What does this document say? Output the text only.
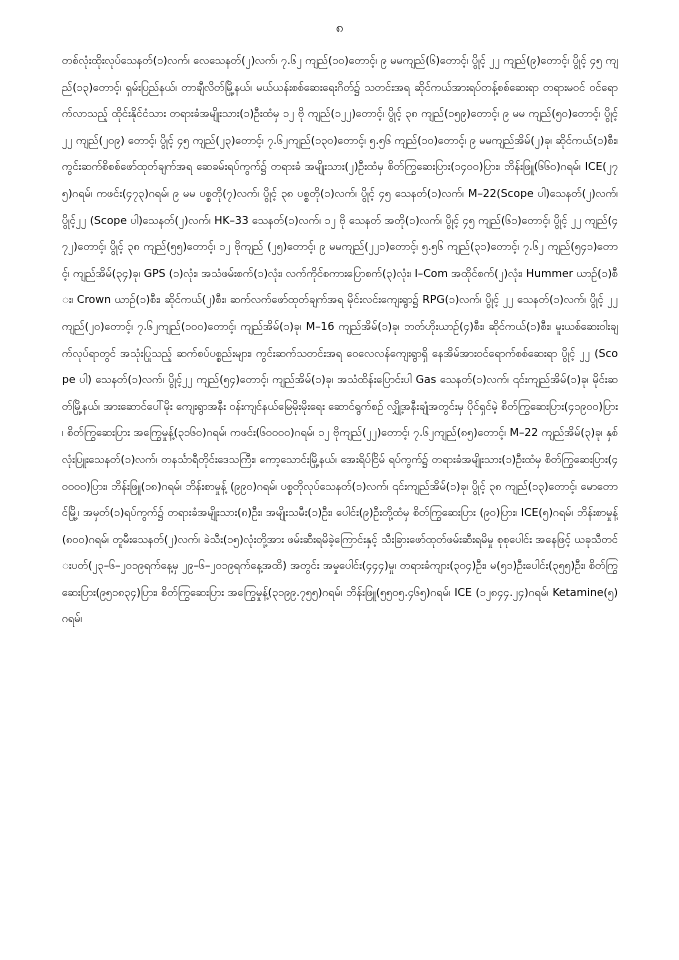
၈

တစ်လုံးထိုးလုပ်သေနတ်(၁)လက်၊ လေသေနတ်(၂)လက်၊ ၇.၆၂ ကျည်(၁၀)တောင့်၊ ၉ မမကျည်(၆)တောင့်၊ ပွိုင့် ၂၂ ကျည်(၉)တောင့်၊ ပွိုင့် ၄၅ ကျည်(၁၃)တောင့်၊ ရှမ်းပြည်နယ်၊ တာချီလိတ်မြို့နယ်၊ မယ်ယန်းစစ်ဆေးရေးဂိတ်၌ သတင်းအရ ဆိုင်ကယ်အားရပ်တန့်စစ်ဆေးရာ တရားမဝင် ဝင်ရောက်လာသည့် ထိုင်းနိုင်ငံသား တရားခံအမျိုးသား(၁)ဦးထံမှ ၁၂ ဗို ကျည်(၁၂၂)တောင့်၊ ပွိုင့် ၃၈ ကျည်(၁၅၉)တောင့်၊ ၉ မမ ကျည်(၅၀)တောင့်၊ ပွိုင့် ၂၂ ကျည်(၂၀၉) တောင့်၊ ပွိုင့် ၄၅ ကျည်(၂၃)တောင့်၊ ၇.၆၂ကျည်(၁၃၀)တောင့်၊ ၅.၅၆ ကျည်(၁၀)တောင့်၊ ၉ မမကျည်အိမ်(၂)ခု၊ ဆိုင်ကယ်(၁)စီး၊ ကွင်းဆက်စိစစ်ဖော်ထုတ်ချက်အရ ဆေခမ်းရပ်ကွက်၌ တရားခံ အမျိုးသား(၂)ဦးထံမှ စိတ်ကြွဆေးပြား(၁၄၀၀)ပြား၊ ဘိန်းဖြူ(၆၆၀)ဂရမ်၊ ICE(၂၇၅)ဂရမ်၊ ကဖင်း(၄၇၃)ဂရမ်၊ ၉ မမ ပစ္စတို(၇)လက်၊ ပွိုင့် ၃၈ ပစ္စတို(၁)လက်၊ ပွိုင့် ၄၅ သေနတ်(၁)လက်၊ M–22(Scope ပါ)သေနတ်(၂)လက်၊ ပွိုင့်၂၂ (Scope ပါ)သေနတ်(၂)လက်၊ HK–33 သေနတ်(၁)လက်၊ ၁၂ ဗို သေနတ် အတို(၁)လက်၊ ပွိုင့် ၄၅ ကျည်(၆၁)တောင့်၊ ပွိုင့် ၂၂ ကျည်(၄၇၂)တောင့်၊ ပွိုင့် ၃၈ ကျည်(၅၅)တောင့်၊ ၁၂ ဗိုကျည် (၂၅)တောင့်၊ ၉ မမကျည်(၂၂၁)တောင့်၊ ၅.၅၆ ကျည်(၃၁)တောင့်၊ ၇.၆၂ ကျည်(၅၄၁)တောင့်၊ ကျည်အိမ်(၃၄)ခု၊ GPS (၁)လုံး၊ အသံဖမ်းစက်(၁)လုံး၊ လက်ကိုင်စကားပြောစက်(၃)လုံး၊ I–Com အထိုင်စက်(၂)လုံး၊ Hummer ယာဉ်(၁)စီး၊ Crown ယာဉ်(၁)စီး၊ ဆိုင်ကယ်(၂)စီး၊ ဆက်လက်ဖော်ထုတ်ချက်အရ မိုင်းလင်းကျေးရွာ၌ RPG(၁)လက်၊ ပွိုင့် ၂၂ သေနတ်(၁)လက်၊ ပွိုင့် ၂၂ ကျည်(၂၀)တောင့်၊ ၇.၆၂ကျည်(၁၀၀)တောင့်၊ ကျည်အိမ်(၁)ခု၊ M–16 ကျည်အိမ်(၁)ခု၊ ဘတ်ဟိုးယာဉ်(၄)စီး၊ ဆိုင်ကယ်(၁)စီး၊ မူးယစ်ဆေးဝါးချက်လုပ်ရာတွင် အသုံးပြုသည့် ဆက်စပ်ပစ္စည်းများ၊ ကွင်းဆက်သတင်းအရ ဝေလေလန်ကျေးရွာရှိ နေအိမ်အားဝင်ရောက်စစ်ဆေးရာ ပွိုင့် ၂၂ (Scope ပါ) သေနတ်(၁)လက်၊ ပွိုင့်၂၂ ကျည်(၅၄)တောင့်၊ ကျည်အိမ်(၁)ခု၊ အသံထိန်းပြောင်းပါ Gas သေနတ်(၁)လက်၊ ၎င်းကျည်အိမ်(၁)ခု၊ မိုင်းဆတ်မြို့နယ်၊ အားဆောင်ပေါ်မိုး ကျေးရွာအနီး ဝန်းကျင်နယ်မြေမိုးမိုးရေး ဆောင်ရွက်စဉ် လျှို့အနီးချုံအတွင်းမှ ပိုင်ရှင်မဲ့ စိတ်ကြွဆေးပြား(၄၁၉၀၀)ပြား၊ စိတ်ကြွဆေးပြား အကြွေမှုန့်(၃၁၆၀)ဂရမ်၊ ကဖင်း(၆၀၀၀၀)ဂရမ်၊ ၁၂ ဗိုကျည်(၂၂)တောင့်၊ ၇.၆၂ကျည်(၈၅)တောင့်၊ M–22 ကျည်အိမ်(၃)ခု၊ နှစ်လုံးပြူးသေနတ်(၁)လက်၊ တနင်္သာရီတိုင်းဒေသကြီး၊ ကော့သောင်းမြို့နယ်၊ အေးရိပ်ငြိမ် ရပ်ကွက်၌ တရားခံအမျိုးသား(၁)ဦးထံမှ စိတ်ကြွဆေးပြား(၄၀၀၀၀)ပြား၊ ဘိန်းဖြူ(၁၈)ဂရမ်၊ ဘိန်းစာမှုန့် (၉၉၀)ဂရမ်၊ ပစ္စတိုလုပ်သေနတ်(၁)လက်၊ ၎င်းကျည်အိမ်(၁)ခု၊ ပွိုင့် ၃၈ ကျည်(၁၃)တောင့်၊ မောတောင်မြို့၊ အမှတ်(၁)ရပ်ကွက်၌ တရားခံအမျိုးသား(၈)ဦး၊ အမျိုးသမီး(၁)ဦး၊ ပေါင်း(၉)ဦးတို့ထံမှ စိတ်ကြွဆေးပြား (၉၀)ပြား၊ ICE(၅)ဂရမ်၊ ဘိန်းစာမှုန့်(၈၀၀)ဂရမ်၊ တူမီးသေနတ်(၂)လက်၊ ခဲသီး(၁၅)လုံးတို့အား ဖမ်းဆီးရမိခဲ့ကြောင်းနှင့် သီးခြားဖော်ထုတ်ဖမ်းဆီးရမိမှု စုစုပေါင်း အနေဖြင့် ယခုသီတင်းပတ်(၂၃–၆–၂၀၁၉ရက်နေ့မှ ၂၉–၆–၂၀၁၉ရက်နေ့အထိ) အတွင်း အမှုပေါင်း(၄၄၄)မှု၊ တရားခံကျား(၃၀၄)ဦး၊ မ(၅၁)ဦးပေါင်း(၃၅၅)ဦး၊ စိတ်ကြွဆေးပြား(၉၅၁၈၃၄)ပြား၊ စိတ်ကြွဆေးပြား အကြွေမှုန့်(၃၁၉၉.၇၅၅)ဂရမ်၊ ဘိန်းဖြူ(၅၅၀၅.၄၆၅)ဂရမ်၊ ICE (၁၂၈၄၄.၂၄)ဂရမ်၊ Ketamine(၅)ဂရမ်၊
